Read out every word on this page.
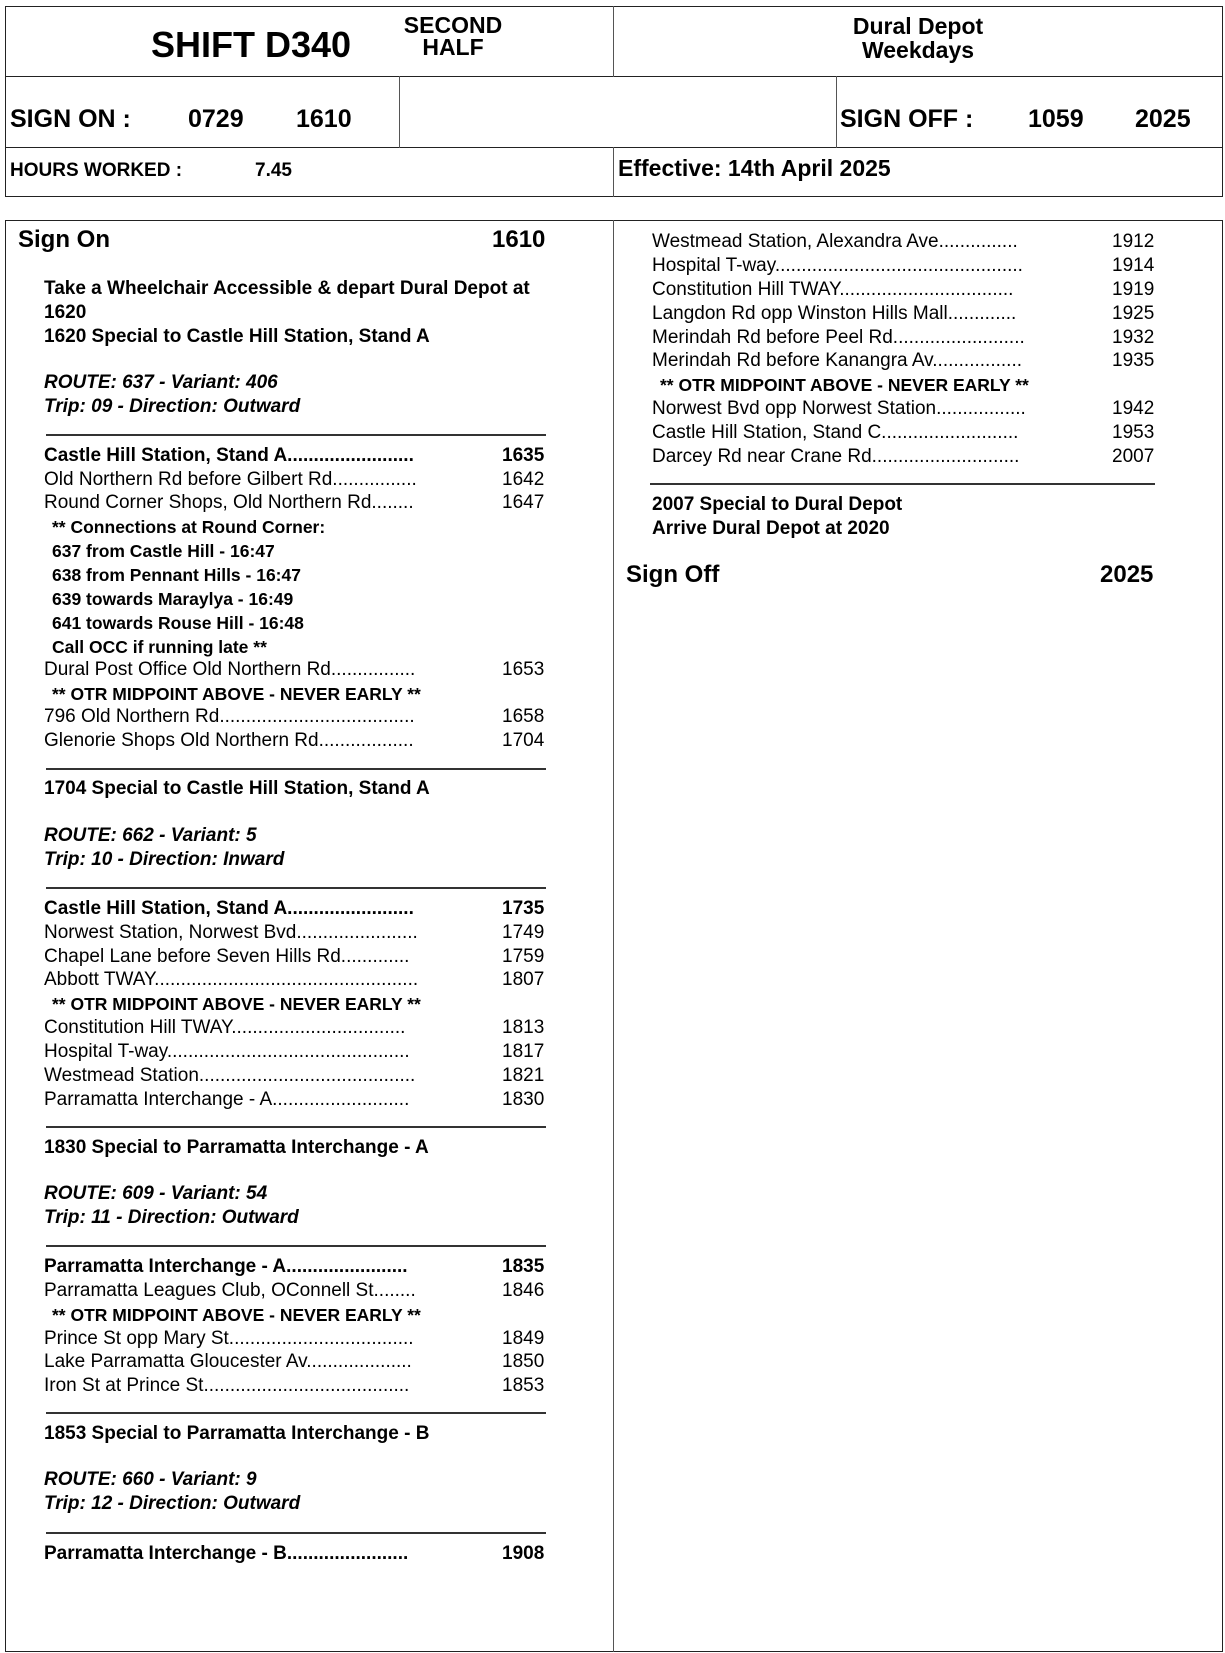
SHIFT D340 SECOND
HALF
Dural Depot
Weekdays
SIGN ON : 0729 1610	SIGN OFF : 1059 2025
HOURS WORKED :	7.45	Effective: 14th April 2025
Sign On	1610
Take a Wheelchair Accessible & depart Dural Depot at
1620
1620 Special to Castle Hill Station, Stand A
ROUTE: 637 - Variant: 406
Trip: 09 - Direction: Outward
Castle Hill Station, Stand A........................	1635
Old Northern Rd before Gilbert Rd................	1642
Round Corner Shops, Old Northern Rd........	1647
** Connections at Round Corner:
637 from Castle Hill - 16:47
638 from Pennant Hills - 16:47
639 towards Maraylya - 16:49
641 towards Rouse Hill - 16:48
Call OCC if running late **
Dural Post Office Old Northern Rd................	1653
** OTR MIDPOINT ABOVE - NEVER EARLY **
796 Old Northern Rd.....................................	1658
Glenorie Shops Old Northern Rd..................	1704
1704 Special to Castle Hill Station, Stand A
ROUTE: 662 - Variant: 5
Trip: 10 - Direction: Inward
Castle Hill Station, Stand A........................	1735
Norwest Station, Norwest Bvd.......................	1749
Chapel Lane before Seven Hills Rd.............	1759
Abbott TWAY..................................................	1807
** OTR MIDPOINT ABOVE - NEVER EARLY **
Constitution Hill TWAY.................................	1813
Hospital T-way..............................................	1817
Westmead Station.........................................	1821
Parramatta Interchange - A..........................	1830
1830 Special to Parramatta Interchange - A
ROUTE: 609 - Variant: 54
Trip: 11 - Direction: Outward
Parramatta Interchange - A.......................	1835
Parramatta Leagues Club, OConnell St........	1846
** OTR MIDPOINT ABOVE - NEVER EARLY **
Prince St opp Mary St...................................	1849
Lake Parramatta Gloucester Av....................	1850
Iron St at Prince St.......................................	1853
1853 Special to Parramatta Interchange - B
ROUTE: 660 - Variant: 9
Trip: 12 - Direction: Outward
Parramatta Interchange - B.......................	1908
Westmead Station, Alexandra Ave...............	1912
Hospital T-way...............................................	1914
Constitution Hill TWAY.................................	1919
Langdon Rd opp Winston Hills Mall.............	1925
Merindah Rd before Peel Rd.........................	1932
Merindah Rd before Kanangra Av.................	1935
** OTR MIDPOINT ABOVE - NEVER EARLY **
Norwest Bvd opp Norwest Station.................	1942
Castle Hill Station, Stand C..........................	1953
Darcey Rd near Crane Rd............................	2007
2007 Special to Dural Depot
Arrive Dural Depot at 2020
Sign Off	2025
